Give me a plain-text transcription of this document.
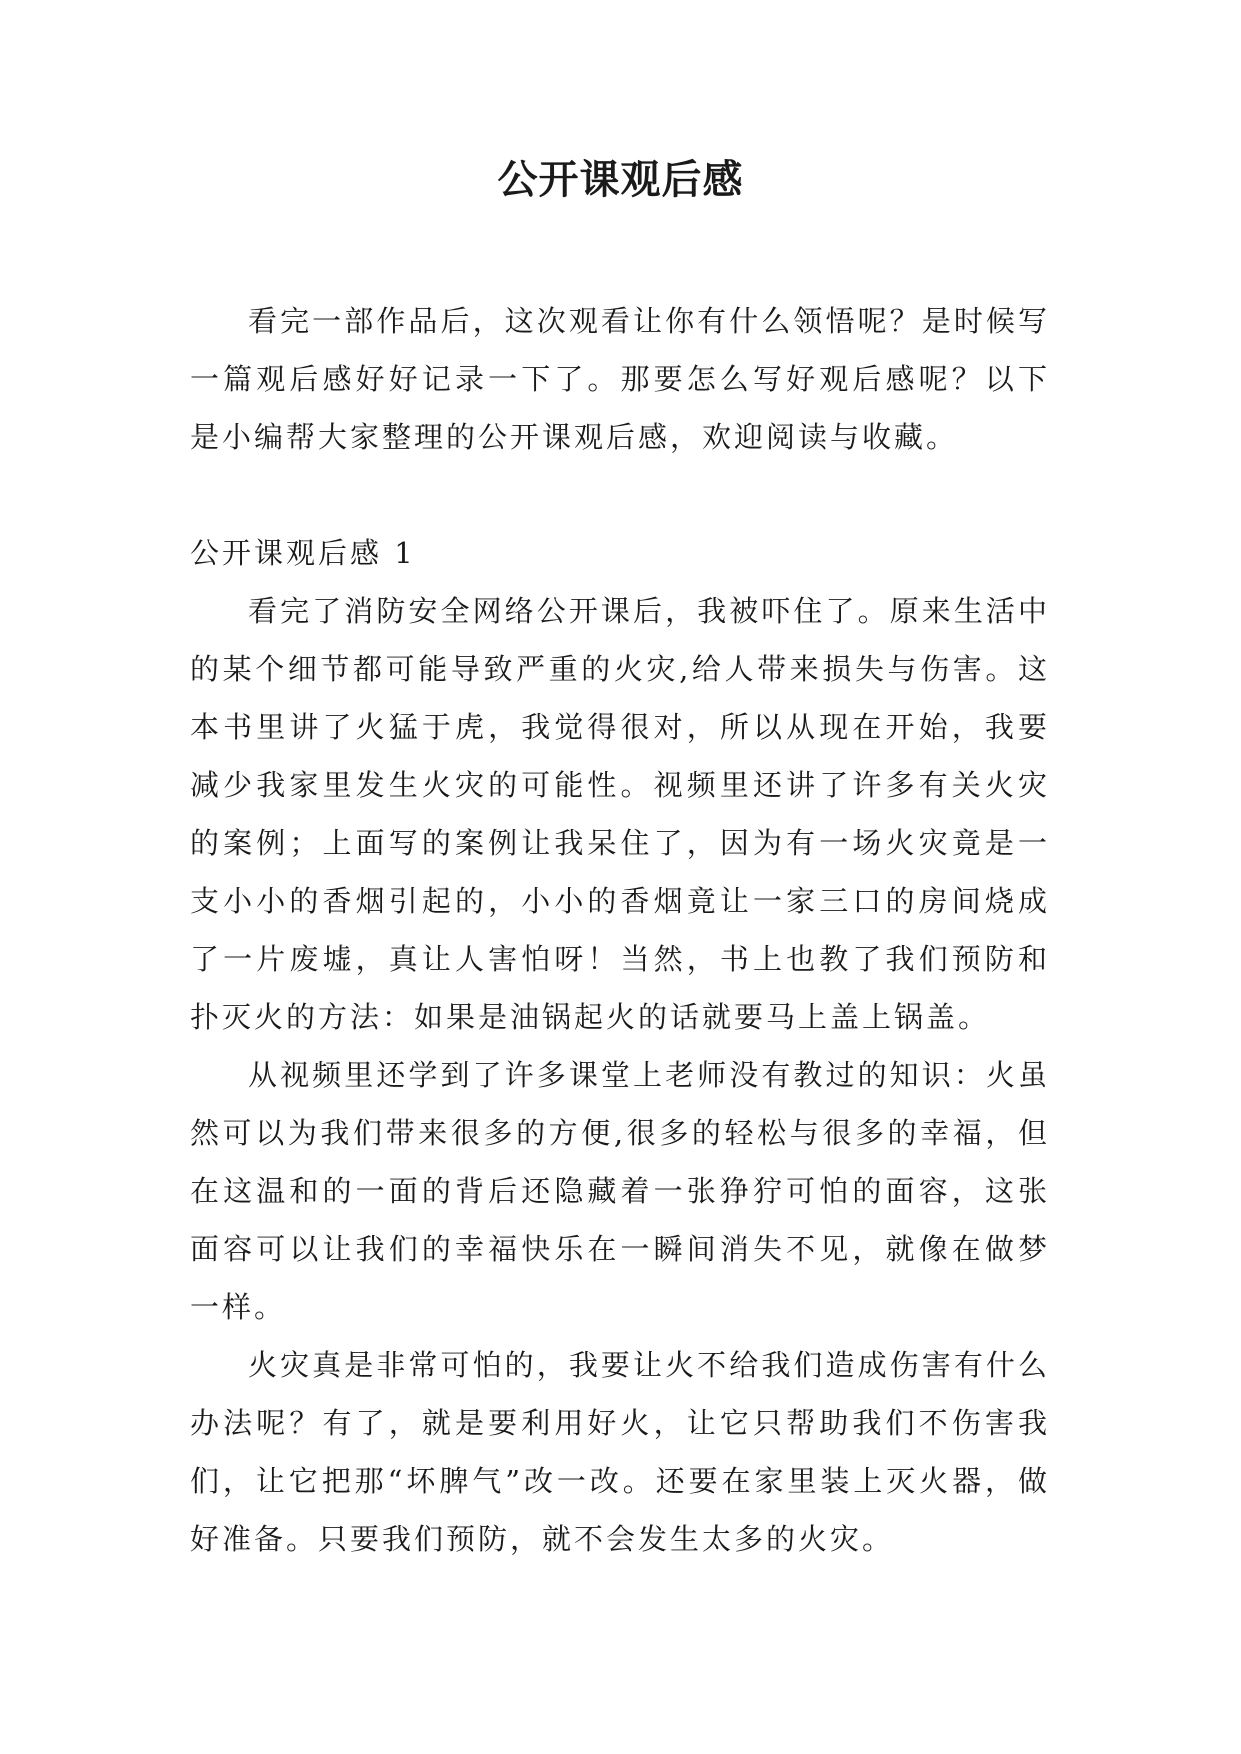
公开课观后感

看完一部作品后，这次观看让你有什么领悟呢？是时候写一篇观后感好好记录一下了。那要怎么写好观后感呢？以下是小编帮大家整理的公开课观后感，欢迎阅读与收藏。

公开课观后感 1

看完了消防安全网络公开课后，我被吓住了。原来生活中的某个细节都可能导致严重的火灾,给人带来损失与伤害。这本书里讲了火猛于虎，我觉得很对，所以从现在开始，我要减少我家里发生火灾的可能性。视频里还讲了许多有关火灾的案例；上面写的案例让我呆住了，因为有一场火灾竟是一支小小的香烟引起的，小小的香烟竟让一家三口的房间烧成了一片废墟，真让人害怕呀！当然，书上也教了我们预防和扑灭火的方法：如果是油锅起火的话就要马上盖上锅盖。

从视频里还学到了许多课堂上老师没有教过的知识：火虽然可以为我们带来很多的方便,很多的轻松与很多的幸福，但在这温和的一面的背后还隐藏着一张狰狞可怕的面容，这张面容可以让我们的幸福快乐在一瞬间消失不见，就像在做梦一样。

火灾真是非常可怕的，我要让火不给我们造成伤害有什么办法呢？有了，就是要利用好火，让它只帮助我们不伤害我们，让它把那“坏脾气”改一改。还要在家里装上灭火器，做好准备。只要我们预防，就不会发生太多的火灾。
